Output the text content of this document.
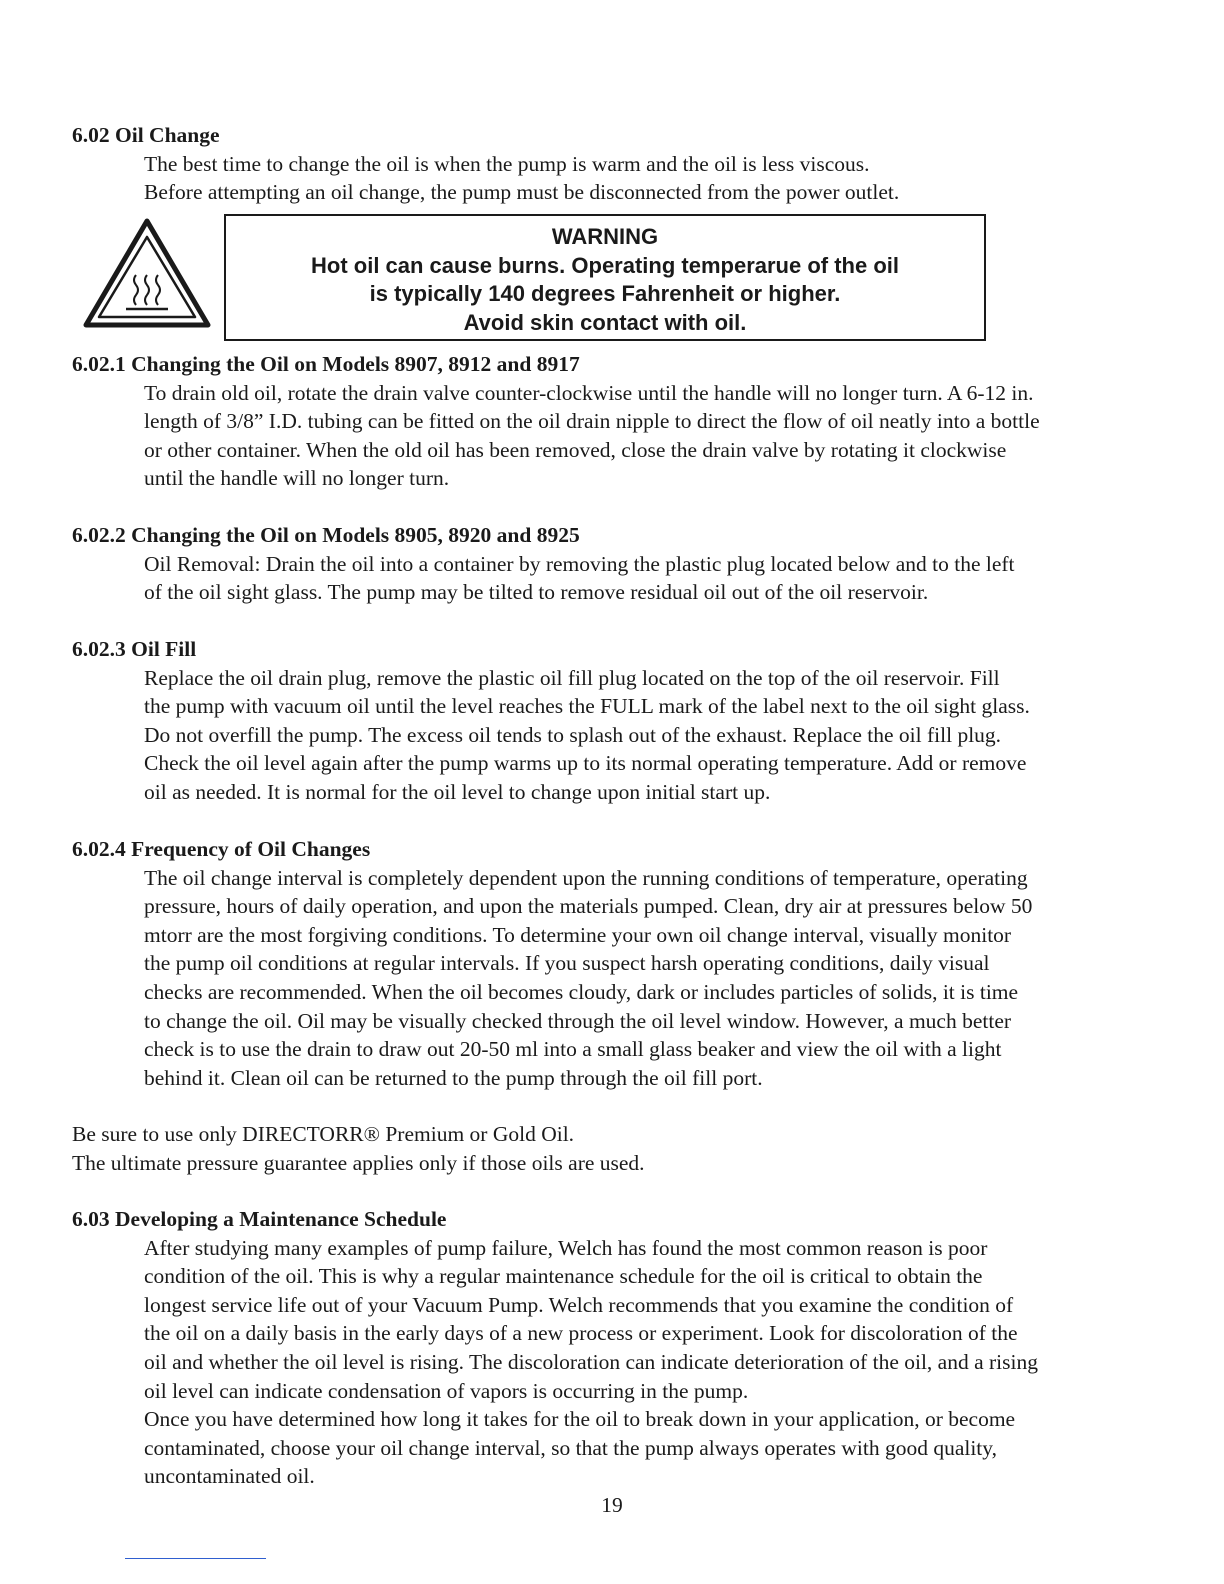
6.02 Oil Change

The best time to change the oil is when the pump is warm and the oil is less viscous.

Before attempting an oil change, the pump must be disconnected from the power outlet.

WARNING
Hot oil can cause burns. Operating temperarue of the oil
is typically 140 degrees Fahrenheit or higher.
Avoid skin contact with oil.

6.02.1 Changing the Oil on Models 8907, 8912 and 8917

To drain old oil, rotate the drain valve counter-clockwise until the handle will no longer turn. A 6-12 in.

length of 3/8” I.D. tubing can be fitted on the oil drain nipple to direct the flow of oil neatly into a bottle

or other container. When the old oil has been removed, close the drain valve by rotating it clockwise

until the handle will no longer turn.

6.02.2 Changing the Oil on Models 8905, 8920 and 8925

Oil Removal: Drain the oil into a container by removing the plastic plug located below and to the left

of the oil sight glass. The pump may be tilted to remove residual oil out of the oil reservoir.

6.02.3 Oil Fill

Replace the oil drain plug, remove the plastic oil fill plug located on the top of the oil reservoir. Fill

the pump with vacuum oil until the level reaches the FULL mark of the label next to the oil sight glass.

Do not overfill the pump. The excess oil tends to splash out of the exhaust. Replace the oil fill plug.

Check the oil level again after the pump warms up to its normal operating temperature. Add or remove

oil as needed. It is normal for the oil level to change upon initial start up.

6.02.4 Frequency of Oil Changes

The oil change interval is completely dependent upon the running conditions of temperature, operating

pressure, hours of daily operation, and upon the materials pumped. Clean, dry air at pressures below 50

mtorr are the most forgiving conditions. To determine your own oil change interval, visually monitor

the pump oil conditions at regular intervals. If you suspect harsh operating conditions, daily visual

checks are recommended. When the oil becomes cloudy, dark or includes particles of solids, it is time

to change the oil. Oil may be visually checked through the oil level window. However, a much better

check is to use the drain to draw out 20-50 ml into a small glass beaker and view the oil with a light

behind it. Clean oil can be returned to the pump through the oil fill port.

Be sure to use only DIRECTORR® Premium or Gold Oil.

The ultimate pressure guarantee applies only if those oils are used.

6.03 Developing a Maintenance Schedule

After studying many examples of pump failure, Welch has found the most common reason is poor

condition of the oil. This is why a regular maintenance schedule for the oil is critical to obtain the

longest service life out of your Vacuum Pump. Welch recommends that you examine the condition of

the oil on a daily basis in the early days of a new process or experiment. Look for discoloration of the

oil and whether the oil level is rising. The discoloration can indicate deterioration of the oil, and a rising

oil level can indicate condensation of vapors is occurring in the pump.

Once you have determined how long it takes for the oil to break down in your application, or become

contaminated, choose your oil change interval, so that the pump always operates with good quality,

uncontaminated oil.

19
